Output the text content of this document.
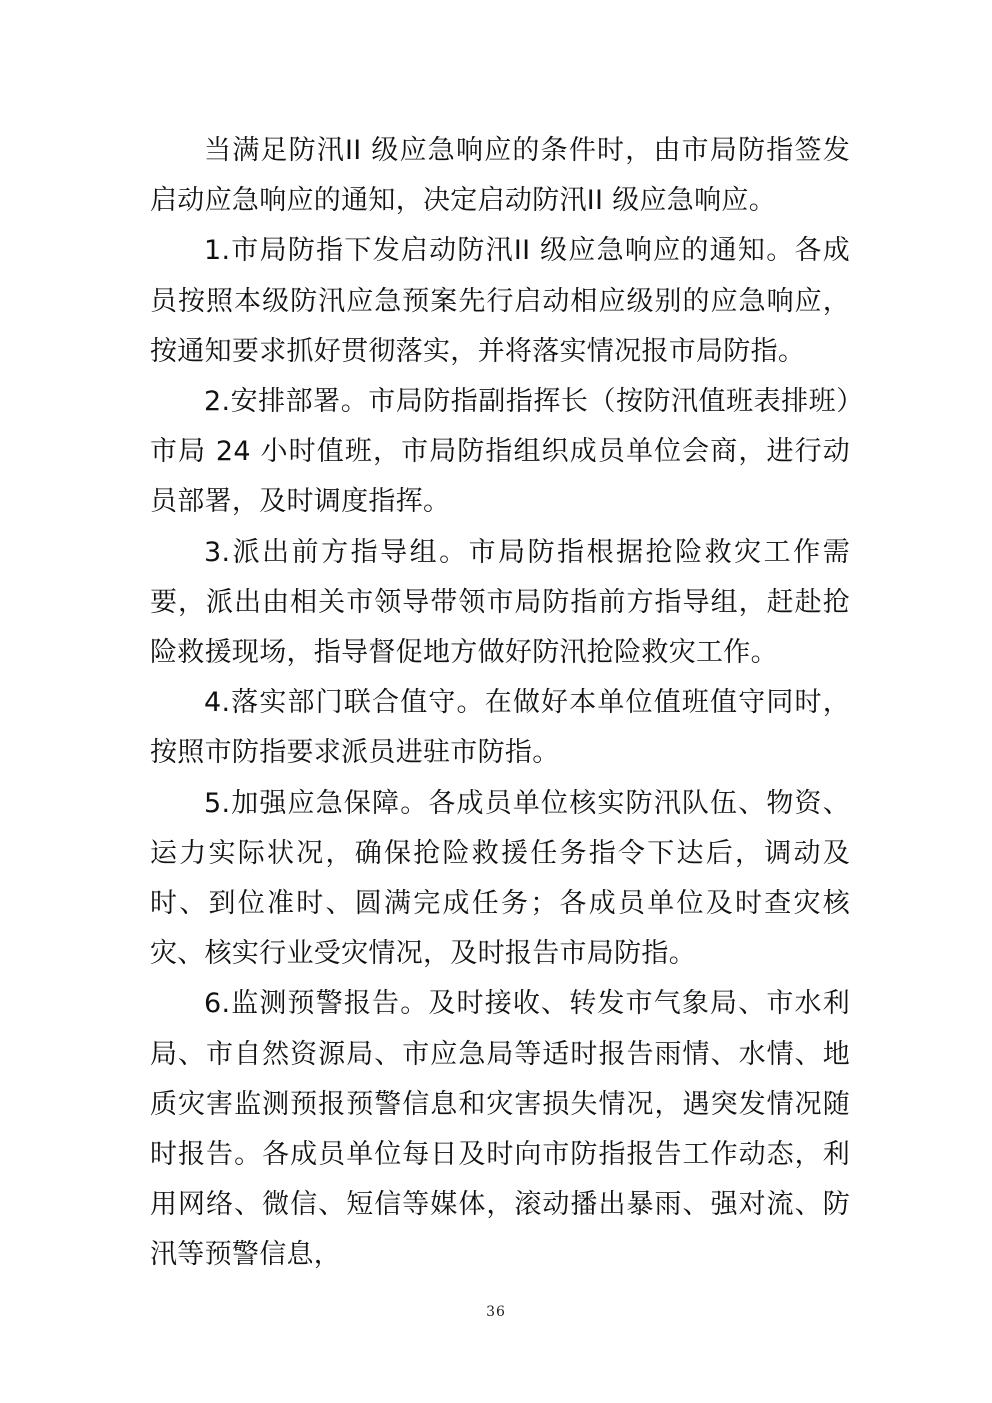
当满足防汛II 级应急响应的条件时，由市局防指签发启动应急响应的通知，决定启动防汛II 级应急响应。

1.市局防指下发启动防汛II 级应急响应的通知。各成员按照本级防汛应急预案先行启动相应级别的应急响应，按通知要求抓好贯彻落实，并将落实情况报市局防指。

2.安排部署。市局防指副指挥长（按防汛值班表排班）市局 24 小时值班，市局防指组织成员单位会商，进行动员部署，及时调度指挥。

3.派出前方指导组。市局防指根据抢险救灾工作需要，派出由相关市领导带领市局防指前方指导组，赶赴抢险救援现场，指导督促地方做好防汛抢险救灾工作。

4.落实部门联合值守。在做好本单位值班值守同时，按照市防指要求派员进驻市防指。

5.加强应急保障。各成员单位核实防汛队伍、物资、运力实际状况，确保抢险救援任务指令下达后，调动及时、到位准时、圆满完成任务；各成员单位及时查灾核灾、核实行业受灾情况，及时报告市局防指。

6.监测预警报告。及时接收、转发市气象局、市水利局、市自然资源局、市应急局等适时报告雨情、水情、地质灾害监测预报预警信息和灾害损失情况，遇突发情况随时报告。各成员单位每日及时向市防指报告工作动态，利用网络、微信、短信等媒体，滚动播出暴雨、强对流、防汛等预警信息，

36
